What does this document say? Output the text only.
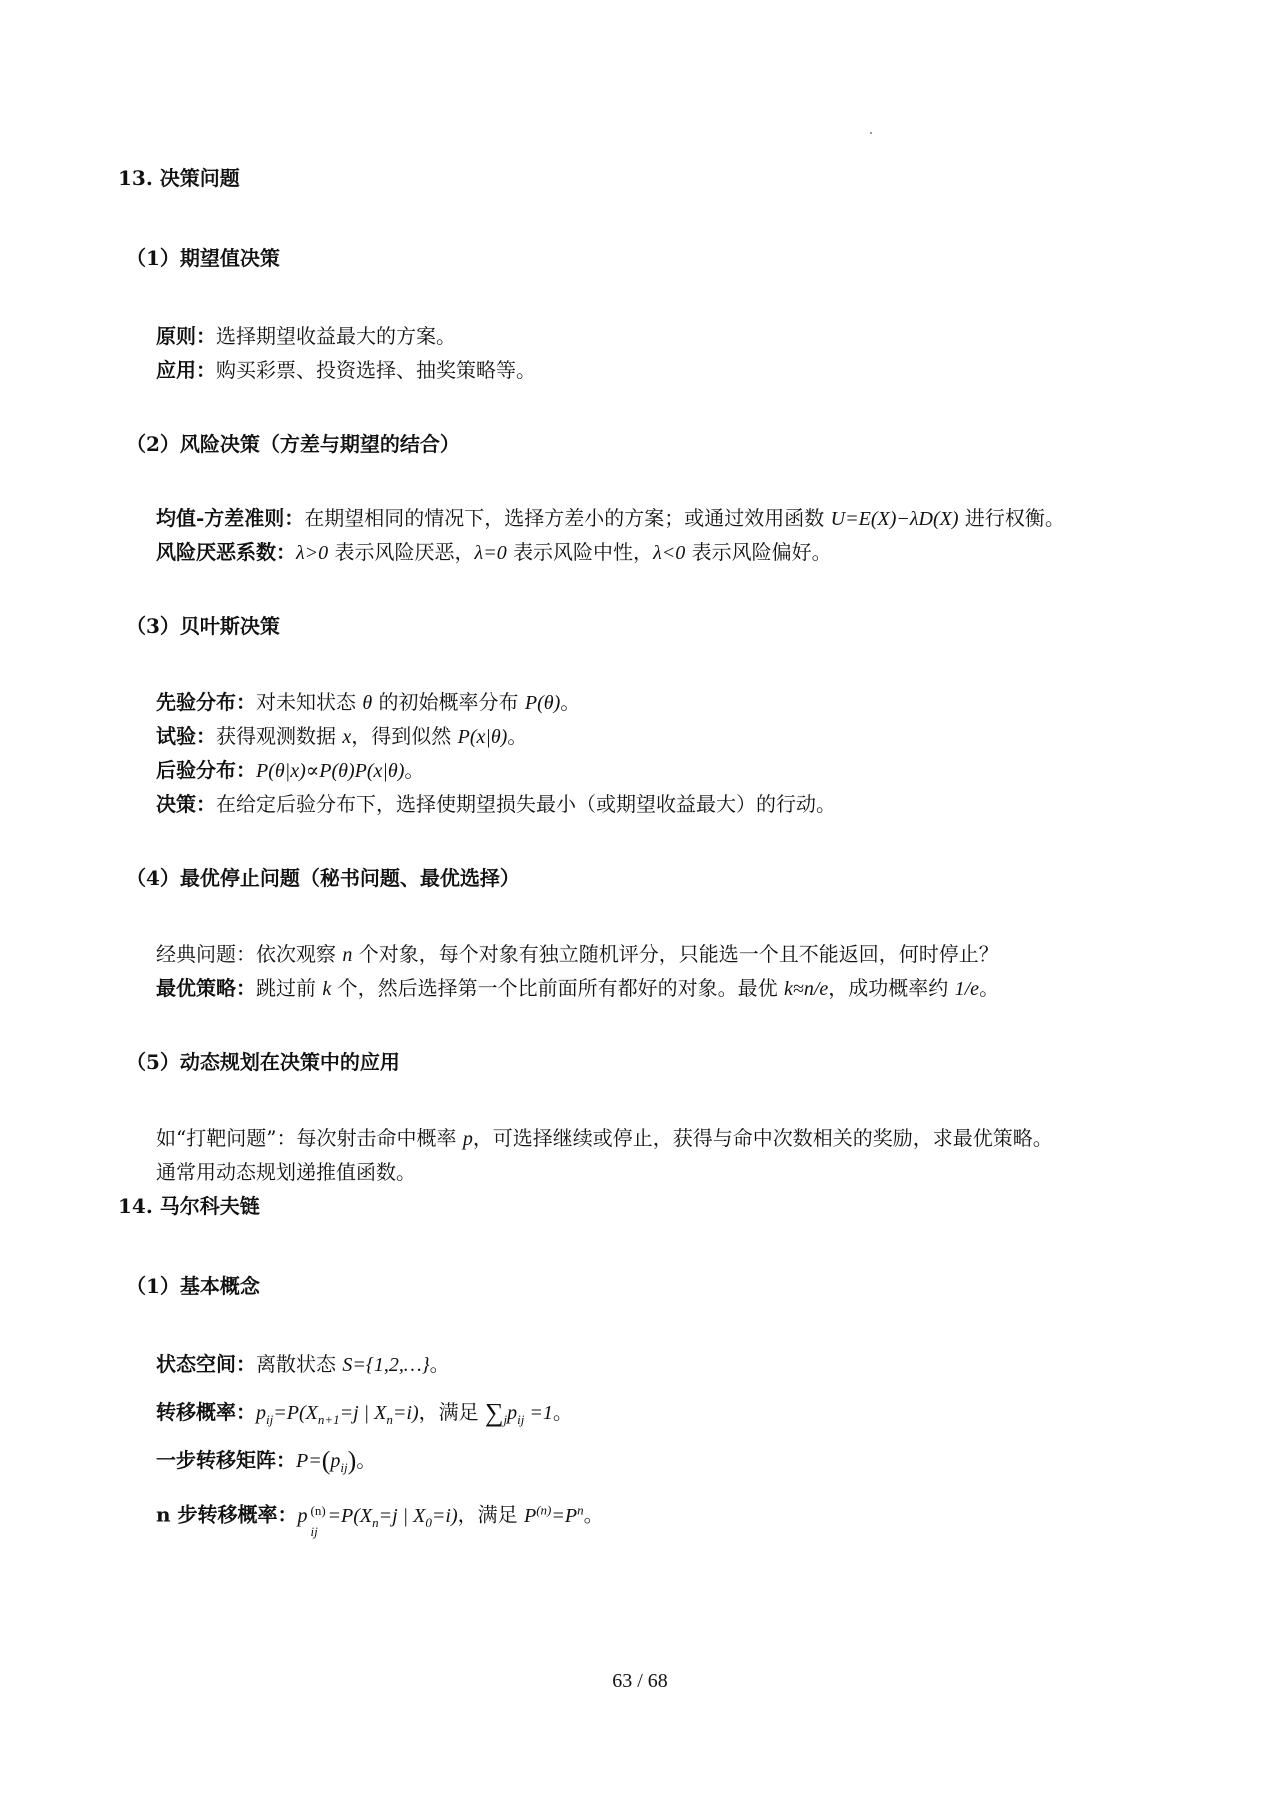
13. 决策问题
（1）期望值决策
原则：选择期望收益最大的方案。
应用：购买彩票、投资选择、抽奖策略等。
（2）风险决策（方差与期望的结合）
均值-方差准则：在期望相同的情况下，选择方差小的方案；或通过效用函数 U=E(X)−λD(X) 进行权衡。
风险厌恶系数：λ>0 表示风险厌恶，λ=0 表示风险中性，λ<0 表示风险偏好。
（3）贝叶斯决策
先验分布：对未知状态 θ 的初始概率分布 P(θ)。
试验：获得观测数据 x，得到似然 P(x|θ)。
后验分布：P(θ|x)∝P(θ)P(x|θ)。
决策：在给定后验分布下，选择使期望损失最小（或期望收益最大）的行动。
（4）最优停止问题（秘书问题、最优选择）
经典问题：依次观察 n 个对象，每个对象有独立随机评分，只能选一个且不能返回，何时停止？
最优策略：跳过前 k 个，然后选择第一个比前面所有都好的对象。最优 k≈n/e，成功概率约 1/e。
（5）动态规划在决策中的应用
如“打靶问题”：每次射击命中概率 p，可选择继续或停止，获得与命中次数相关的奖励，求最优策略。
通常用动态规划递推值函数。
14. 马尔科夫链
（1）基本概念
状态空间：离散状态 S={1,2,…}。
转移概率：$p_{ij}=P(X_{n+1}=j$ | $X_n=i$)，满足 $\sum_jp_{ij} =1$。
一步转移矩阵：$P=(p_{ij})$。
n 步转移概率：p (n)
ij
$=P(X_n=j$ | $X_0=i$)，满足 $P^{(n)}=P^n$。
63 / 68
